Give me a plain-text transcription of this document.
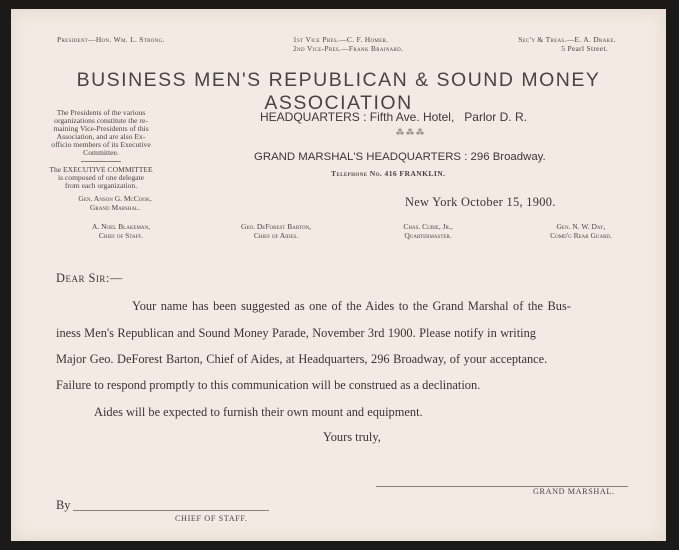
President—Hon. Wm. L. Strong.	1st Vice Pres.—C. F. Homer.
2nd Vice-Pres.—Frank Brainard.
Sec'y & Treas.—E. A. Drake.
5 Pearl Street.
BUSINESS MEN'S REPUBLICAN & SOUND MONEY ASSOCIATION
The Presidents of the various
organizations constitute the re-
maining Vice-Presidents of this
Association, and are also Ex-
officio members of its Executive
Committee.
The EXECUTIVE COMMITTEE
is composed of one delegate
from each organization.
HEADQUARTERS : Fifth Ave. Hotel,   Parlor D. R.
⁂⁂⁂
GRAND MARSHAL'S HEADQUARTERS : 296 Broadway.
Telephone No. 416 FRANKLIN.
Gen. Anson G. McCook,
Grand Marshal.	New York October 15, 1900.
A. Noel Blakeman,
Chief of Staff.
Geo. DeForest Barton,
Chief of Aides.
Chas. Curie, Jr.,
Quartermaster.
Gen. N. W. Day,
Comd'g Rear Guard.
Dear Sir:—
Your name has been suggested as one of the Aides to the Grand Marshal of the Bus-
iness Men's Republican and Sound Money Parade, November 3rd 1900. Please notify in writing
Major Geo. DeForest Barton, Chief of Aides, at Headquarters, 296 Broadway, of your acceptance.
Failure to respond promptly to this communication will be construed as a declination.
Aides will be expected to furnish their own mount and equipment.
Yours truly,
GRAND MARSHAL.
By
CHIEF OF STAFF.
